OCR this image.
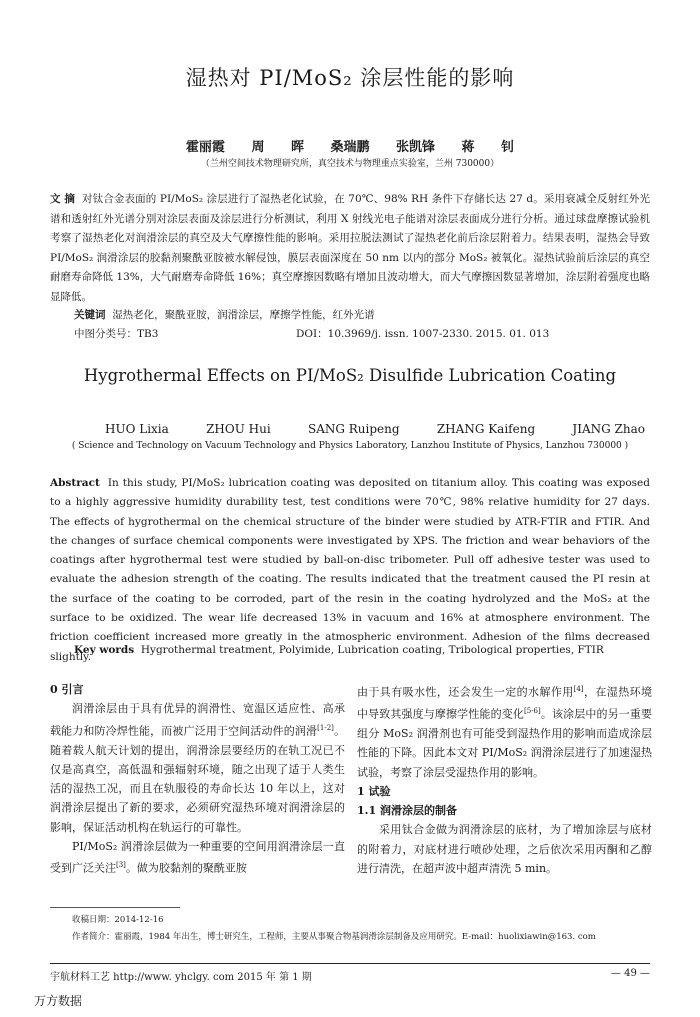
湿热对 PI/MoS₂ 涂层性能的影响
霍丽霞 周 晖 桑瑞鹏 张凯锋 蒋 钊
（兰州空间技术物理研究所，真空技术与物理重点实验室，兰州 730000）
文 摘 对钛合金表面的 PI/MoS₂ 涂层进行了湿热老化试验，在 70℃、98% RH 条件下存储长达 27 d。采用衰减全反射红外光谱和透射红外光谱分别对涂层表面及涂层进行分析测试，利用 X 射线光电子能谱对涂层表面成分进行分析。通过球盘摩擦试验机考察了湿热老化对润滑涂层的真空及大气摩擦性能的影响。采用拉脱法测试了湿热老化前后涂层附着力。结果表明，湿热会导致 PI/MoS₂ 润滑涂层的胶黏剂聚酰亚胺被水解侵蚀，膜层表面深度在 50 nm 以内的部分 MoS₂ 被氧化。湿热试验前后涂层的真空耐磨寿命降低 13%，大气耐磨寿命降低 16%；真空摩擦因数略有增加且波动增大，而大气摩擦因数显著增加，涂层附着强度也略显降低。
关键词 湿热老化，聚酰亚胺，润滑涂层，摩擦学性能，红外光谱
中图分类号：TB3	DOI：10.3969/j. issn. 1007-2330. 2015. 01. 013
Hygrothermal Effects on PI/MoS₂ Disulfide Lubrication Coating
HUO Lixia	ZHOU Hui	SANG Ruipeng	ZHANG Kaifeng	JIANG Zhao
( Science and Technology on Vacuum Technology and Physics Laboratory, Lanzhou Institute of Physics, Lanzhou 730000 )
Abstract In this study, PI/MoS₂ lubrication coating was deposited on titanium alloy. This coating was exposed to a highly aggressive humidity durability test, test conditions were 70℃, 98% relative humidity for 27 days. The effects of hygrothermal on the chemical structure of the binder were studied by ATR-FTIR and FTIR. And the changes of surface chemical components were investigated by XPS. The friction and wear behaviors of the coatings after hygrothermal test were studied by ball-on-disc tribometer. Pull off adhesive tester was used to evaluate the adhesion strength of the coating. The results indicated that the treatment caused the PI resin at the surface of the coating to be corroded, part of the resin in the coating hydrolyzed and the MoS₂ at the surface to be oxidized. The wear life decreased 13% in vacuum and 16% at atmosphere environment. The friction coefficient increased more greatly in the atmospheric environment. Adhesion of the films decreased slightly.
Key words Hygrothermal treatment, Polyimide, Lubrication coating, Tribological properties, FTIR

0 引言

润滑涂层由于具有优异的润滑性、宽温区适应性、高承载能力和防冷焊性能，而被广泛用于空间活动件的润滑[1-2]。随着载人航天计划的提出，润滑涂层要经历的在轨工况已不仅是高真空，高低温和强辐射环境，随之出现了适于人类生活的湿热工况，而且在轨服役的寿命长达 10 年以上，这对润滑涂层提出了新的要求，必须研究湿热环境对润滑涂层的影响，保证活动机构在轨运行的可靠性。

PI/MoS₂ 润滑涂层做为一种重要的空间用润滑涂层一直受到广泛关注[3]。做为胶黏剂的聚酰亚胺

由于具有吸水性，还会发生一定的水解作用[4]，在湿热环境中导致其强度与摩擦学性能的变化[5-6]。该涂层中的另一重要组分 MoS₂ 润滑剂也有可能受到湿热作用的影响而造成涂层性能的下降。因此本文对 PI/MoS₂ 润滑涂层进行了加速湿热试验，考察了涂层受湿热作用的影响。

1 试验

1.1 润滑涂层的制备

采用钛合金做为润滑涂层的底材，为了增加涂层与底材的附着力，对底材进行喷砂处理，之后依次采用丙酮和乙醇进行清洗，在超声波中超声清洗 5 min。

收稿日期：2014-12-16
作者简介：霍丽霞，1984 年出生，博士研究生，工程师，主要从事聚合物基润滑涂层制备及应用研究。E-mail：huolixiawin@163. com
宇航材料工艺 http://www. yhclgy. com 2015 年 第 1 期	— 49 —
万方数据
